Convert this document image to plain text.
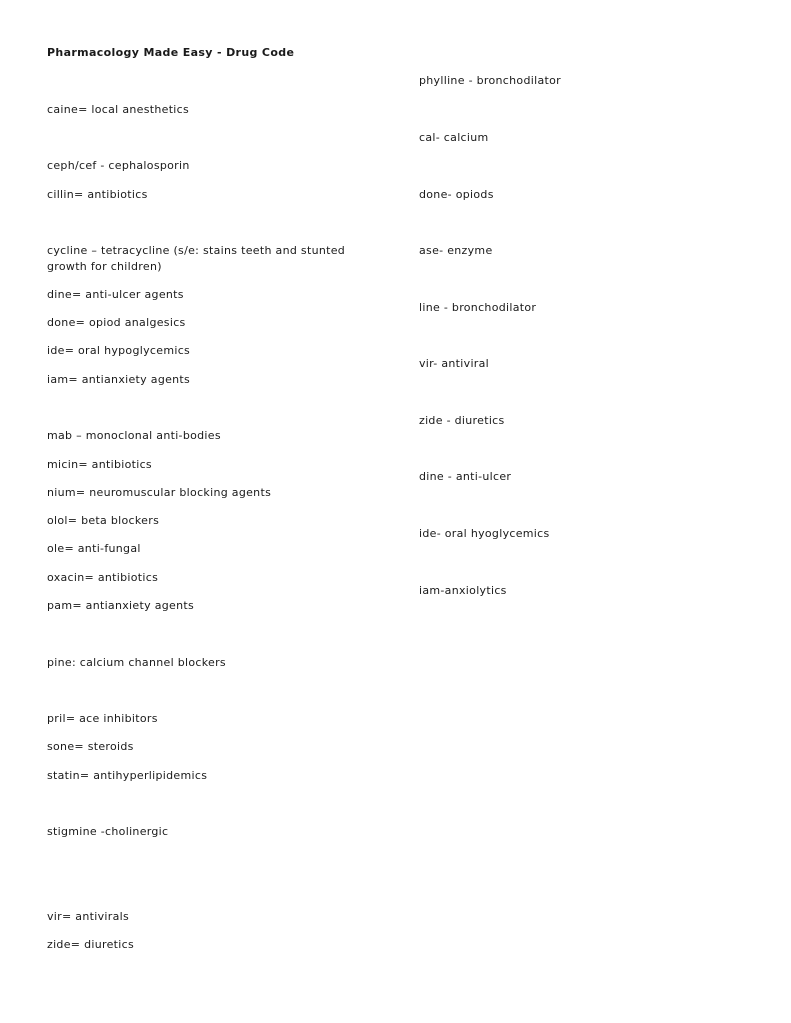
Pharmacology Made Easy - Drug Code
caine= local anesthetics
ceph/cef - cephalosporin
cillin= antibiotics
cycline – tetracycline (s/e: stains teeth and stunted growth for children)
dine= anti-ulcer agents
done= opiod analgesics
ide= oral hypoglycemics
iam= antianxiety agents
mab – monoclonal anti-bodies
micin= antibiotics
nium= neuromuscular blocking agents
olol= beta blockers
ole= anti-fungal
oxacin= antibiotics
pam= antianxiety agents
pine: calcium channel blockers
pril= ace inhibitors
sone= steroids
statin= antihyperlipidemics
stigmine -cholinergic
vir= antivirals
zide= diuretics
phylline - bronchodilator
cal- calcium
done- opiods
ase- enzyme
line - bronchodilator
vir- antiviral
zide - diuretics
dine - anti-ulcer
ide- oral hyoglycemics
iam-anxiolytics
